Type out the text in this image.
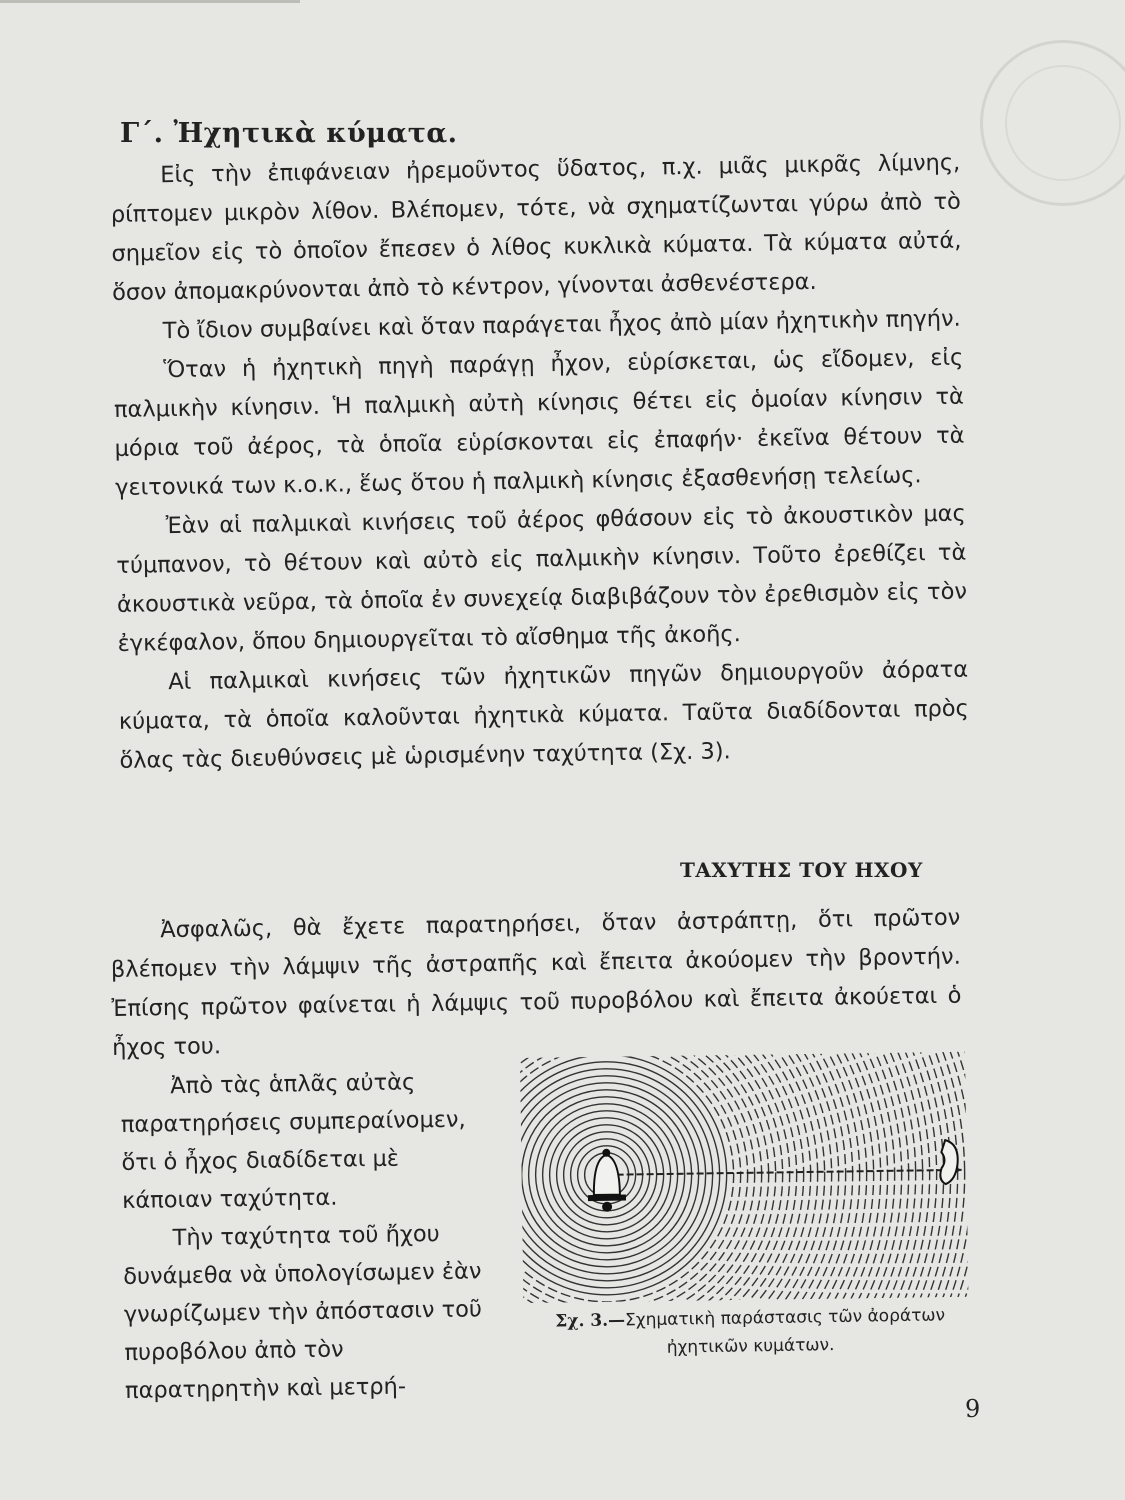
Γ΄. Ἠχητικὰ κύματα.

Εἰς τὴν ἐπιφάνειαν ἠρεμοῦντος ὕδατος, π.χ. μιᾶς μικρᾶς λίμνης, ρίπτομεν μικρὸν λίθον. Βλέπομεν, τότε, νὰ σχηματίζωνται γύρω ἀπὸ τὸ σημεῖον εἰς τὸ ὁποῖον ἔπεσεν ὁ λίθος κυκλικὰ κύματα. Τὰ κύματα αὐτά, ὅσον ἀπομακρύνονται ἀπὸ τὸ κέντρον, γίνονται ἀσθενέστερα.

Τὸ ἴδιον συμβαίνει καὶ ὅταν παράγεται ἦχος ἀπὸ μίαν ἠχητικὴν πηγήν.

Ὅταν ἡ ἠχητικὴ πηγὴ παράγῃ ἦχον, εὑρίσκεται, ὡς εἴδομεν, εἰς παλμικὴν κίνησιν. Ἡ παλμικὴ αὐτὴ κίνησις θέτει εἰς ὁμοίαν κίνησιν τὰ μόρια τοῦ ἀέρος, τὰ ὁποῖα εὑρίσκονται εἰς ἐπαφήν· ἐκεῖνα θέτουν τὰ γειτονικά των κ.ο.κ., ἕως ὅτου ἡ παλμικὴ κίνησις ἐξασθενήσῃ τελείως.

Ἐὰν αἱ παλμικαὶ κινήσεις τοῦ ἀέρος φθάσουν εἰς τὸ ἀκουστικὸν μας τύμπανον, τὸ θέτουν καὶ αὐτὸ εἰς παλμικὴν κίνησιν. Τοῦτο ἐρεθίζει τὰ ἀκουστικὰ νεῦρα, τὰ ὁποῖα ἐν συνεχείᾳ διαβιβάζουν τὸν ἐρεθισμὸν εἰς τὸν ἐγκέφαλον, ὅπου δημιουργεῖται τὸ αἴσθημα τῆς ἀκοῆς.

Αἱ παλμικαὶ κινήσεις τῶν ἠχητικῶν πηγῶν δημιουργοῦν ἀόρατα κύματα, τὰ ὁποῖα καλοῦνται ἠχητικὰ κύματα. Ταῦτα διαδίδονται πρὸς ὅλας τὰς διευθύνσεις μὲ ὡρισμένην ταχύτητα (Σχ. 3).

ΤΑΧΥΤΗΣ ΤΟΥ ΗΧΟΥ

Ἀσφαλῶς, θὰ ἔχετε παρατηρήσει, ὅταν ἀστράπτῃ, ὅτι πρῶτον βλέπομεν τὴν λάμψιν τῆς ἀστραπῆς καὶ ἔπειτα ἀκούομεν τὴν βροντήν. Ἐπίσης πρῶτον φαίνεται ἡ λάμψις τοῦ πυροβόλου καὶ ἔπειτα ἀκούεται ὁ ἦχος του.

Ἀπὸ τὰς ἁπλᾶς αὐτὰς παρατηρήσεις συμπεραίνομεν, ὅτι ὁ ἦχος διαδίδεται μὲ κάποιαν ταχύτητα.

Τὴν ταχύτητα τοῦ ἤχου δυνάμεθα νὰ ὑπολογίσωμεν ἐὰν γνωρίζωμεν τὴν ἀπόστασιν τοῦ πυροβόλου ἀπὸ τὸν παρατηρητὴν καὶ μετρή-

Σχ. 3.—Σχηματικὴ παράστασις τῶν ἀοράτων ἠχητικῶν κυμάτων.
9
